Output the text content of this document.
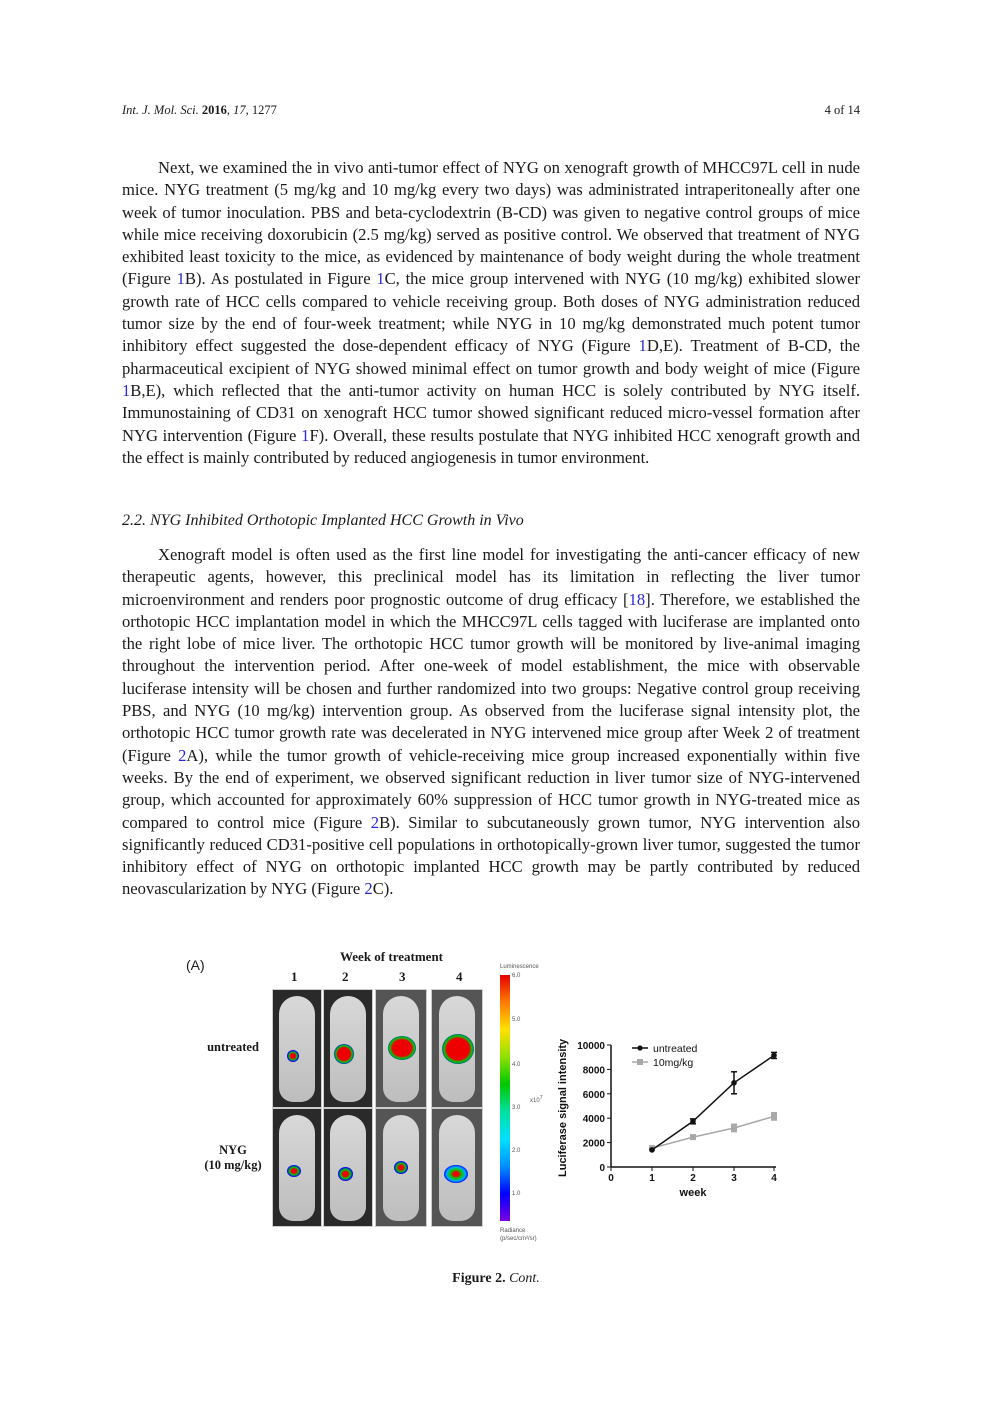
Int. J. Mol. Sci. 2016, 17, 1277	4 of 14

Next, we examined the in vivo anti-tumor effect of NYG on xenograft growth of MHCC97L cell in nude mice. NYG treatment (5 mg/kg and 10 mg/kg every two days) was administrated intraperitoneally after one week of tumor inoculation. PBS and beta-cyclodextrin (B-CD) was given to negative control groups of mice while mice receiving doxorubicin (2.5 mg/kg) served as positive control. We observed that treatment of NYG exhibited least toxicity to the mice, as evidenced by maintenance of body weight during the whole treatment (Figure 1B). As postulated in Figure 1C, the mice group intervened with NYG (10 mg/kg) exhibited slower growth rate of HCC cells compared to vehicle receiving group. Both doses of NYG administration reduced tumor size by the end of four-week treatment; while NYG in 10 mg/kg demonstrated much potent tumor inhibitory effect suggested the dose-dependent efficacy of NYG (Figure 1D,E). Treatment of B-CD, the pharmaceutical excipient of NYG showed minimal effect on tumor growth and body weight of mice (Figure 1B,E), which reflected that the anti-tumor activity on human HCC is solely contributed by NYG itself. Immunostaining of CD31 on xenograft HCC tumor showed significant reduced micro-vessel formation after NYG intervention (Figure 1F). Overall, these results postulate that NYG inhibited HCC xenograft growth and the effect is mainly contributed by reduced angiogenesis in tumor environment.

2.2. NYG Inhibited Orthotopic Implanted HCC Growth in Vivo

Xenograft model is often used as the first line model for investigating the anti-cancer efficacy of new therapeutic agents, however, this preclinical model has its limitation in reflecting the liver tumor microenvironment and renders poor prognostic outcome of drug efficacy [18]. Therefore, we established the orthotopic HCC implantation model in which the MHCC97L cells tagged with luciferase are implanted onto the right lobe of mice liver. The orthotopic HCC tumor growth will be monitored by live-animal imaging throughout the intervention period. After one-week of model establishment, the mice with observable luciferase intensity will be chosen and further randomized into two groups: Negative control group receiving PBS, and NYG (10 mg/kg) intervention group. As observed from the luciferase signal intensity plot, the orthotopic HCC tumor growth rate was decelerated in NYG intervened mice group after Week 2 of treatment (Figure 2A), while the tumor growth of vehicle-receiving mice group increased exponentially within five weeks. By the end of experiment, we observed significant reduction in liver tumor size of NYG-intervened group, which accounted for approximately 60% suppression of HCC tumor growth in NYG-treated mice as compared to control mice (Figure 2B). Similar to subcutaneously grown tumor, NYG intervention also significantly reduced CD31-positive cell populations in orthotopically-grown liver tumor, suggested the tumor inhibitory effect of NYG on orthotopic implanted HCC growth may be partly contributed by reduced neovascularization by NYG (Figure 2C).

(A)
Week of treatment
1	2	3	4
untreated
NYG
(10 mg/kg)
Luminescence
6.0
5.0
4.0
3.0
2.0
1.0
$x10^7$
Radiance
(p/sec/cm²/sr)
Luciferase signal intensity	0
2000
4000
6000
8000
10000
0	1	2	3	4
week
untreated
10mg/kg
Figure 2. Cont.
